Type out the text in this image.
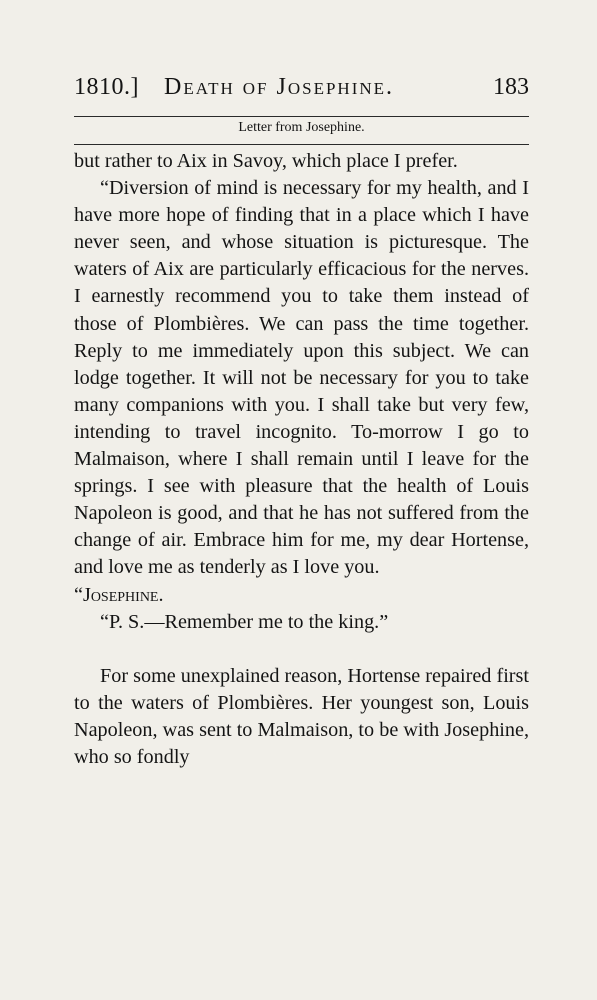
1810.] Death of Josephine.	183
Letter from Josephine.

but rather to Aix in Savoy, which place I prefer.

“Diversion of mind is necessary for my health, and I have more hope of finding that in a place which I have never seen, and whose situation is picturesque. The waters of Aix are particularly efficacious for the nerves. I earnestly recommend you to take them instead of those of Plombières. We can pass the time together. Reply to me immediately upon this subject. We can lodge together. It will not be necessary for you to take many companions with you. I shall take but very few, intending to travel incognito. To-morrow I go to Malmaison, where I shall remain until I leave for the springs. I see with pleasure that the health of Louis Napoleon is good, and that he has not suffered from the change of air. Embrace him for me, my dear Hortense, and love me as tenderly as I love you.

“Josephine.

“P. S.—Remember me to the king.”

For some unexplained reason, Hortense repaired first to the waters of Plombières. Her youngest son, Louis Napoleon, was sent to Malmaison, to be with Josephine, who so fondly
